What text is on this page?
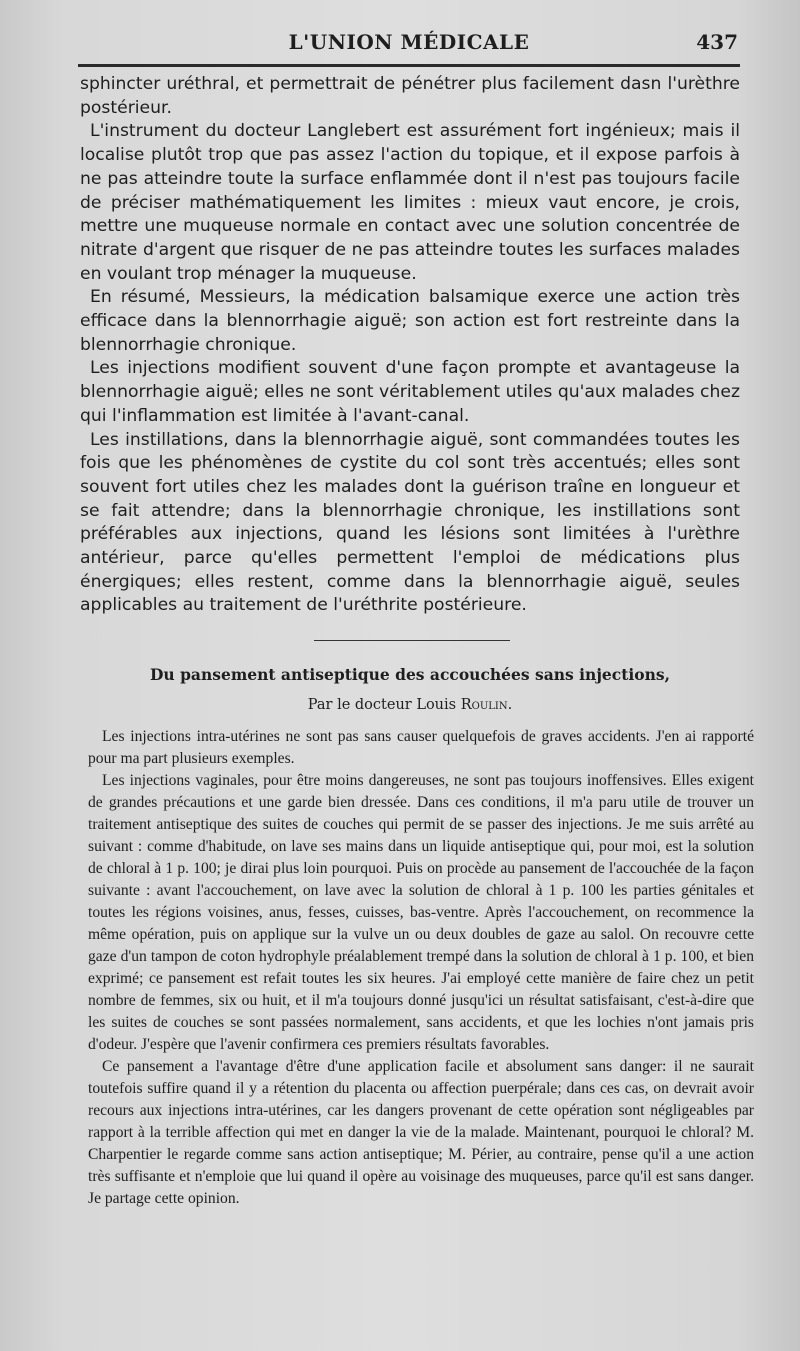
L'UNION MÉDICALE	437

sphincter uréthral, et permettrait de pénétrer plus facilement dasn l'urèthre postérieur.

L'instrument du docteur Langlebert est assurément fort ingénieux; mais il localise plutôt trop que pas assez l'action du topique, et il expose parfois à ne pas atteindre toute la surface enflammée dont il n'est pas toujours facile de préciser mathématiquement les limites : mieux vaut encore, je crois, mettre une muqueuse normale en contact avec une solution concentrée de nitrate d'argent que risquer de ne pas atteindre toutes les surfaces malades en voulant trop ménager la muqueuse.

En résumé, Messieurs, la médication balsamique exerce une action très efficace dans la blennorrhagie aiguë; son action est fort restreinte dans la blennorrhagie chronique.

Les injections modifient souvent d'une façon prompte et avantageuse la blennorrhagie aiguë; elles ne sont véritablement utiles qu'aux malades chez qui l'inflammation est limitée à l'avant-canal.

Les instillations, dans la blennorrhagie aiguë, sont commandées toutes les fois que les phénomènes de cystite du col sont très accentués; elles sont souvent fort utiles chez les malades dont la guérison traîne en longueur et se fait attendre; dans la blennorrhagie chronique, les instillations sont préférables aux injections, quand les lésions sont limitées à l'urèthre antérieur, parce qu'elles permettent l'emploi de médications plus énergiques; elles restent, comme dans la blennorrhagie aiguë, seules applicables au traitement de l'uréthrite postérieure.

Du pansement antiseptique des accouchées sans injections,
Par le docteur Louis Roulin.

Les injections intra-utérines ne sont pas sans causer quelquefois de graves accidents. J'en ai rapporté pour ma part plusieurs exemples.

Les injections vaginales, pour être moins dangereuses, ne sont pas toujours inoffensives. Elles exigent de grandes précautions et une garde bien dressée. Dans ces conditions, il m'a paru utile de trouver un traitement antiseptique des suites de couches qui permit de se passer des injections. Je me suis arrêté au suivant : comme d'habitude, on lave ses mains dans un liquide antiseptique qui, pour moi, est la solution de chloral à 1 p. 100; je dirai plus loin pourquoi. Puis on procède au pansement de l'accouchée de la façon suivante : avant l'accouchement, on lave avec la solution de chloral à 1 p. 100 les parties génitales et toutes les régions voisines, anus, fesses, cuisses, bas-ventre. Après l'accouchement, on recommence la même opération, puis on applique sur la vulve un ou deux doubles de gaze au salol. On recouvre cette gaze d'un tampon de coton hydrophyle préalablement trempé dans la solution de chloral à 1 p. 100, et bien exprimé; ce pansement est refait toutes les six heures. J'ai employé cette manière de faire chez un petit nombre de femmes, six ou huit, et il m'a toujours donné jusqu'ici un résultat satisfaisant, c'est-à-dire que les suites de couches se sont passées normalement, sans accidents, et que les lochies n'ont jamais pris d'odeur. J'espère que l'avenir confirmera ces premiers résultats favorables.

Ce pansement a l'avantage d'être d'une application facile et absolument sans danger: il ne saurait toutefois suffire quand il y a rétention du placenta ou affection puerpérale; dans ces cas, on devrait avoir recours aux injections intra-utérines, car les dangers provenant de cette opération sont négligeables par rapport à la terrible affection qui met en danger la vie de la malade. Maintenant, pourquoi le chloral? M. Charpentier le regarde comme sans action antiseptique; M. Périer, au contraire, pense qu'il a une action très suffisante et n'emploie que lui quand il opère au voisinage des muqueuses, parce qu'il est sans danger. Je partage cette opinion.
